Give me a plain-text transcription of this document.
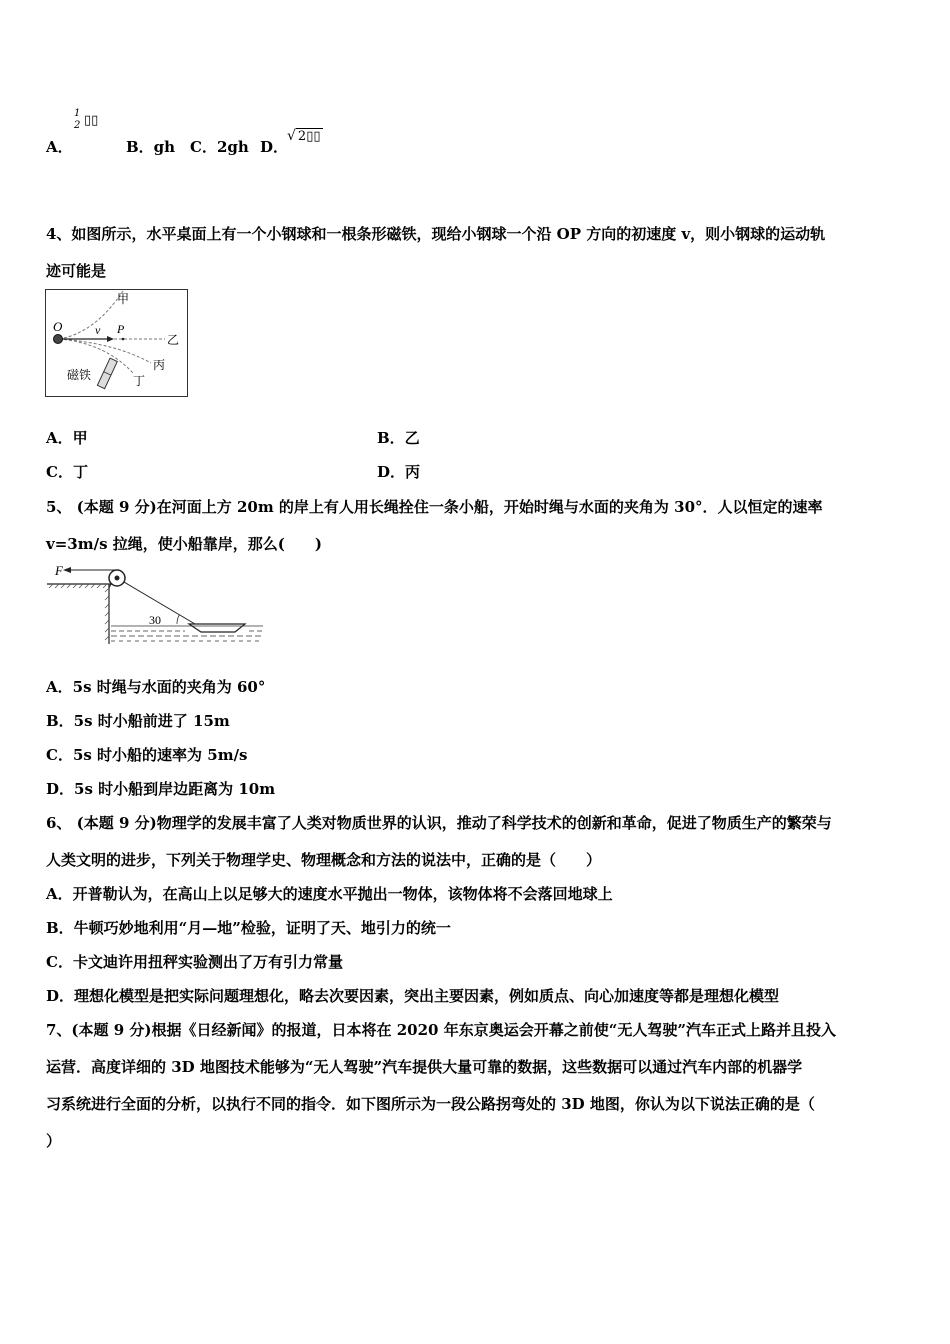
A．
1
2 ▯▯
B．gh C．2gh D．
√ 2▯▯
4、如图所示，水平桌面上有一个小钢球和一根条形磁铁，现给小钢球一个沿 OP 方向的初速度 v，则小钢球的运动轨
迹可能是
O	v P
甲
乙
丙
丁
磁铁
A．甲	B．乙
C．丁	D．丙
5、 (本题 9 分)在河面上方 20m 的岸上有人用长绳拴住一条小船，开始时绳与水面的夹角为 30°．人以恒定的速率
v=3m/s 拉绳，使小船靠岸，那么(　　)
F
30
A．5s 时绳与水面的夹角为 60°
B．5s 时小船前进了 15m
C．5s 时小船的速率为 5m/s
D．5s 时小船到岸边距离为 10m
6、 (本题 9 分)物理学的发展丰富了人类对物质世界的认识，推动了科学技术的创新和革命，促进了物质生产的繁荣与
人类文明的进步，下列关于物理学史、物理概念和方法的说法中，正确的是（　　）
A．开普勒认为，在高山上以足够大的速度水平抛出一物体，该物体将不会落回地球上
B．牛顿巧妙地利用“月—地”检验，证明了天、地引力的统一
C．卡文迪许用扭秤实验测出了万有引力常量
D．理想化模型是把实际问题理想化，略去次要因素，突出主要因素，例如质点、向心加速度等都是理想化模型
7、(本题 9 分)根据《日经新闻》的报道，日本将在 2020 年东京奥运会开幕之前使“无人驾驶”汽车正式上路并且投入
运营．高度详细的 3D 地图技术能够为“无人驾驶”汽车提供大量可靠的数据，这些数据可以通过汽车内部的机器学
习系统进行全面的分析，以执行不同的指令．如下图所示为一段公路拐弯处的 3D 地图，你认为以下说法正确的是（
）
